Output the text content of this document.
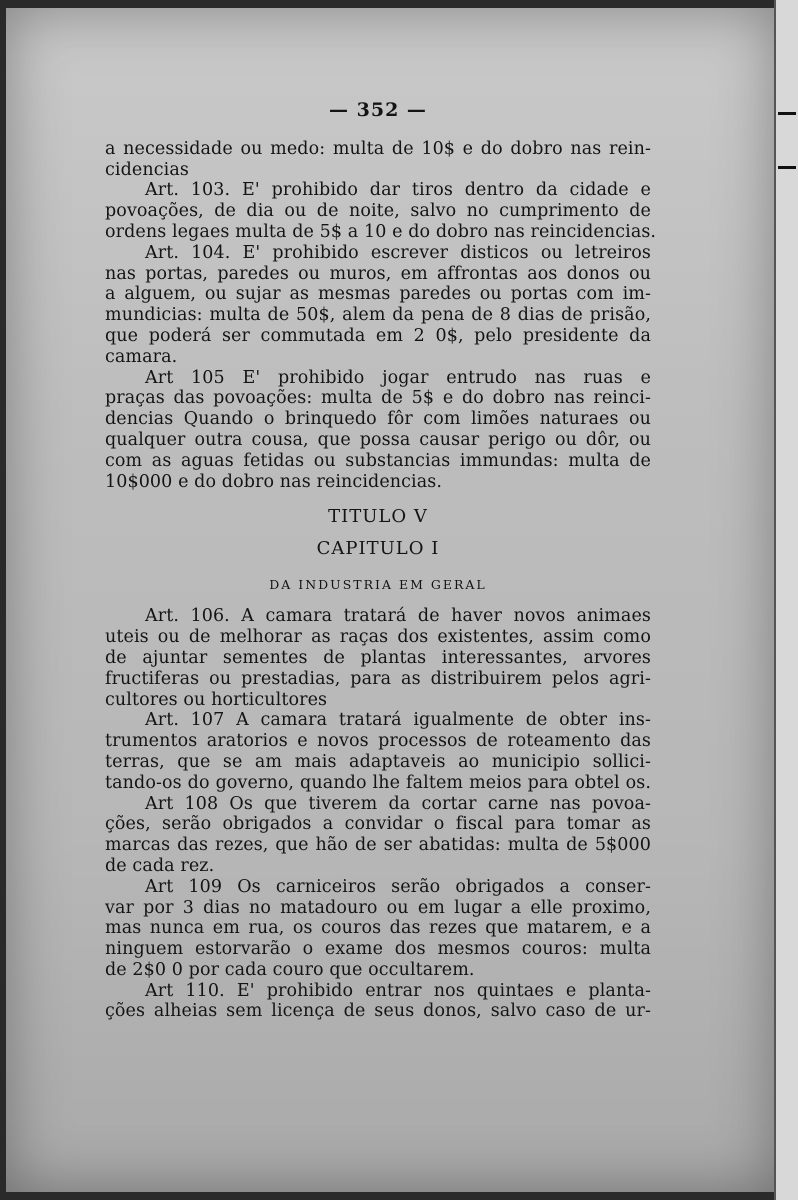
— 352 —
a necessidade ou medo: multa de 10$ e do dobro nas rein-
cidencias
Art. 103. E' prohibido dar tiros dentro da cidade e
povoações, de dia ou de noite, salvo no cumprimento de
ordens legaes multa de 5$ a 10 e do dobro nas reincidencias.
Art. 104. E' prohibido escrever disticos ou letreiros
nas portas, paredes ou muros, em affrontas aos donos ou
a alguem, ou sujar as mesmas paredes ou portas com im-
mundicias: multa de 50$, alem da pena de 8 dias de prisão,
que poderá ser commutada em 2 0$, pelo presidente da
camara.
Art 105 E' prohibido jogar entrudo nas ruas e
praças das povoações: multa de 5$ e do dobro nas reinci-
dencias Quando o brinquedo fôr com limões naturaes ou
qualquer outra cousa, que possa causar perigo ou dôr, ou
com as aguas fetidas ou substancias immundas: multa de
10$000 e do dobro nas reincidencias.
TITULO V
CAPITULO I
DA INDUSTRIA EM GERAL
Art. 106. A camara tratará de haver novos animaes
uteis ou de melhorar as raças dos existentes, assim como
de ajuntar sementes de plantas interessantes, arvores
fructiferas ou prestadias, para as distribuirem pelos agri-
cultores ou horticultores
Art. 107 A camara tratará igualmente de obter ins-
trumentos aratorios e novos processos de roteamento das
terras, que se am mais adaptaveis ao municipio sollici-
tando-os do governo, quando lhe faltem meios para obtel os.
Art 108 Os que tiverem da cortar carne nas povoa-
ções, serão obrigados a convidar o fiscal para tomar as
marcas das rezes, que hão de ser abatidas: multa de 5$000
de cada rez.
Art 109 Os carniceiros serão obrigados a conser-
var por 3 dias no matadouro ou em lugar a elle proximo,
mas nunca em rua, os couros das rezes que matarem, e a
ninguem estorvarão o exame dos mesmos couros: multa
de 2$0 0 por cada couro que occultarem.
Art 110. E' prohibido entrar nos quintaes e planta-
ções alheias sem licença de seus donos, salvo caso de ur-
